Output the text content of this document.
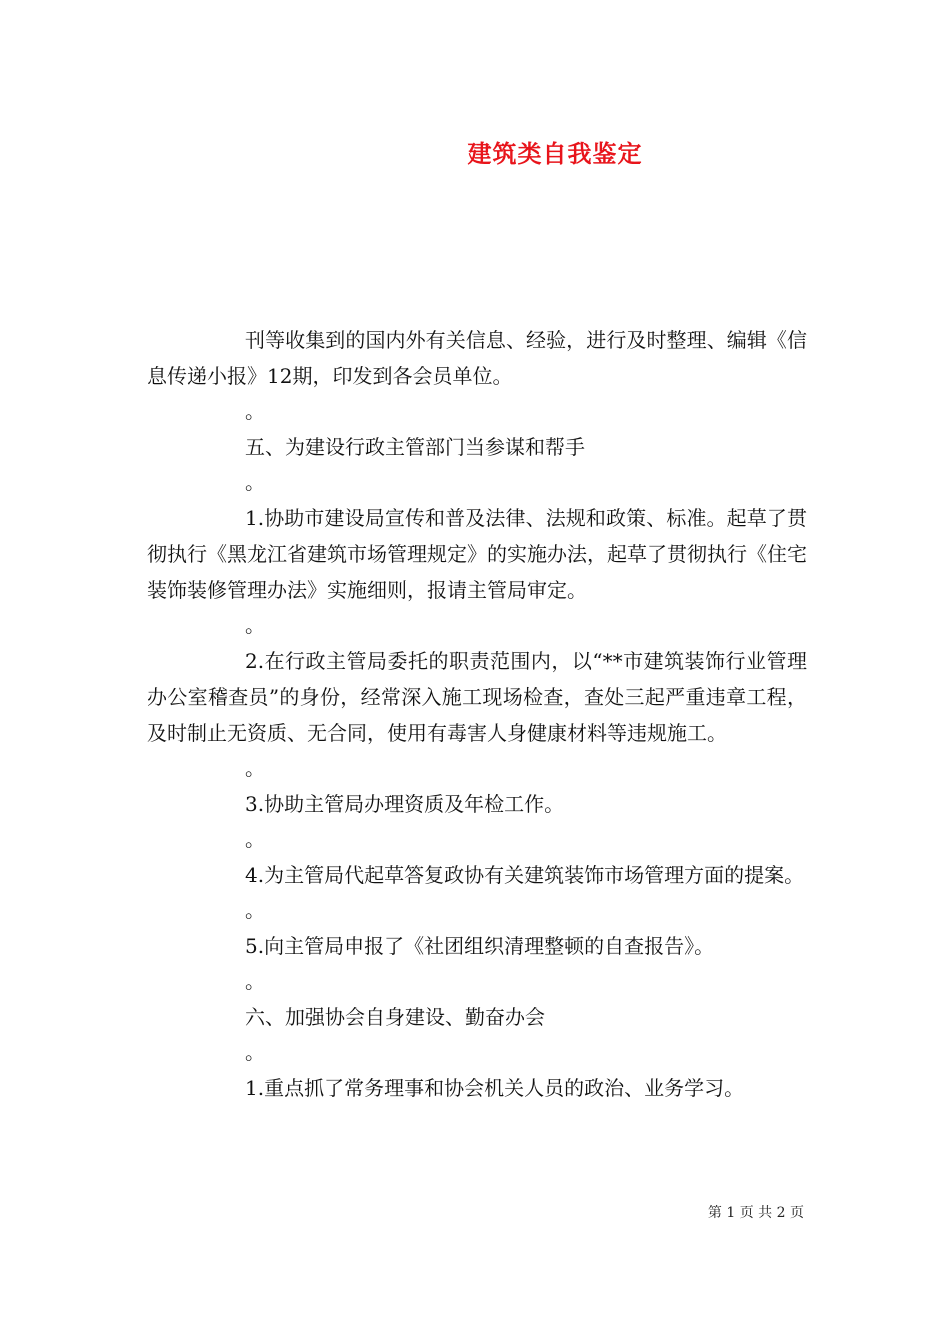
建筑类自我鉴定

刊等收集到的国内外有关信息、经验，进行及时整理、编辑《信息传递小报》12期，印发到各会员单位。

。

五、为建设行政主管部门当参谋和帮手

。

1.协助市建设局宣传和普及法律、法规和政策、标准。起草了贯彻执行《黑龙江省建筑市场管理规定》的实施办法，起草了贯彻执行《住宅装饰装修管理办法》实施细则，报请主管局审定。

。

2.在行政主管局委托的职责范围内，以“**市建筑装饰行业管理办公室稽查员”的身份，经常深入施工现场检查，查处三起严重违章工程，及时制止无资质、无合同，使用有毒害人身健康材料等违规施工。

。

3.协助主管局办理资质及年检工作。

。

4.为主管局代起草答复政协有关建筑装饰市场管理方面的提案。

。

5.向主管局申报了《社团组织清理整顿的自查报告》。

。

六、加强协会自身建设、勤奋办会

。

1.重点抓了常务理事和协会机关人员的政治、业务学习。

第 1 页 共 2 页
